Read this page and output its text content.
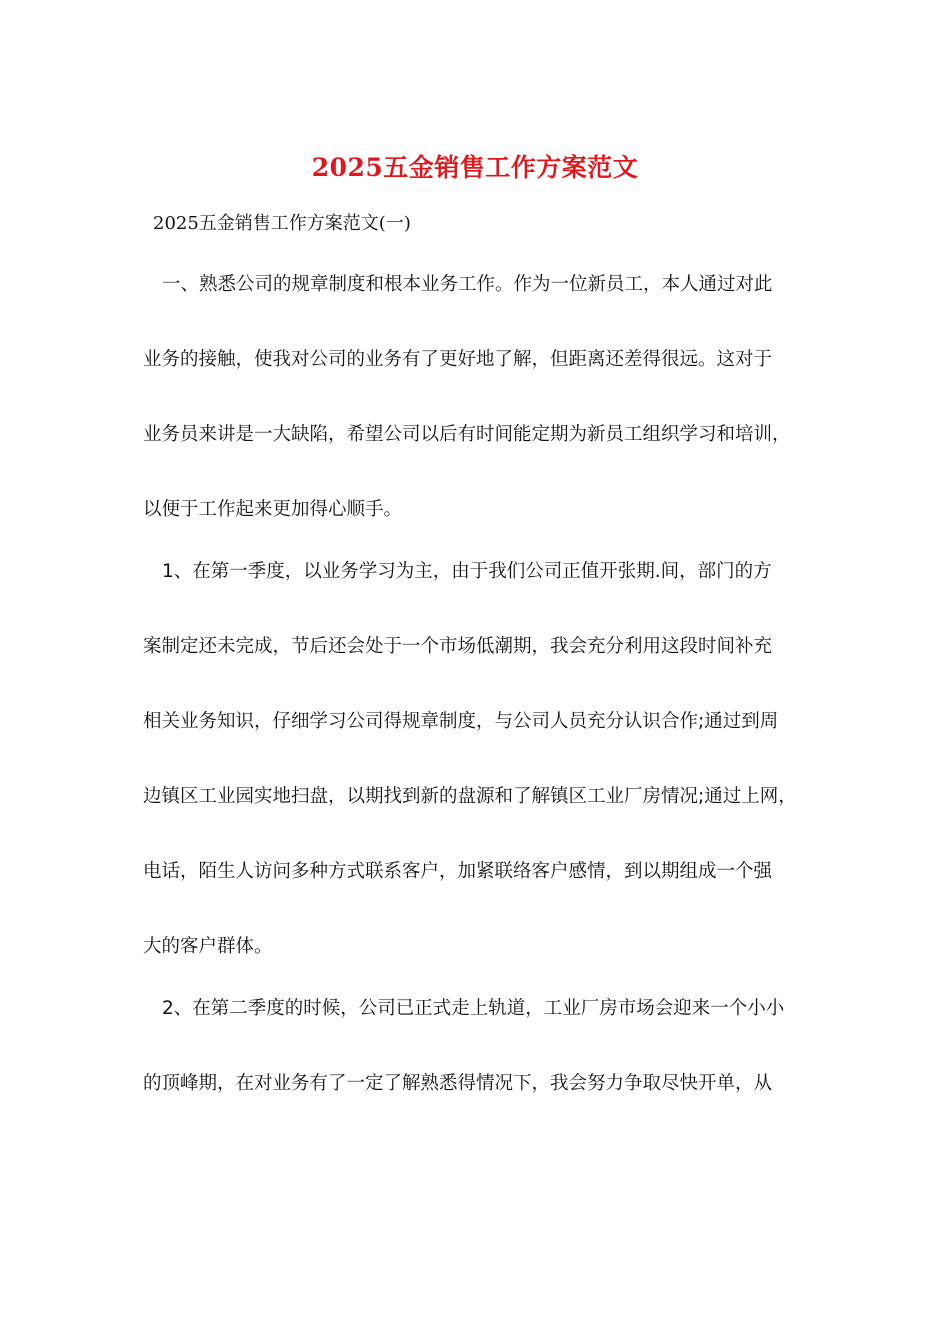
2025五金销售工作方案范文
2025五金销售工作方案范文(一)
一、熟悉公司的规章制度和根本业务工作。作为一位新员工，本人通过对此
业务的接触，使我对公司的业务有了更好地了解，但距离还差得很远。这对于
业务员来讲是一大缺陷，希望公司以后有时间能定期为新员工组织学习和培训，
以便于工作起来更加得心顺手。
1、在第一季度，以业务学习为主，由于我们公司正值开张期.间，部门的方
案制定还未完成，节后还会处于一个市场低潮期，我会充分利用这段时间补充
相关业务知识，仔细学习公司得规章制度，与公司人员充分认识合作;通过到周
边镇区工业园实地扫盘，以期找到新的盘源和了解镇区工业厂房情况;通过上网，
电话，陌生人访问多种方式联系客户，加紧联络客户感情，到以期组成一个强
大的客户群体。
2、在第二季度的时候，公司已正式走上轨道，工业厂房市场会迎来一个小小
的顶峰期，在对业务有了一定了解熟悉得情况下，我会努力争取尽快开单，从
